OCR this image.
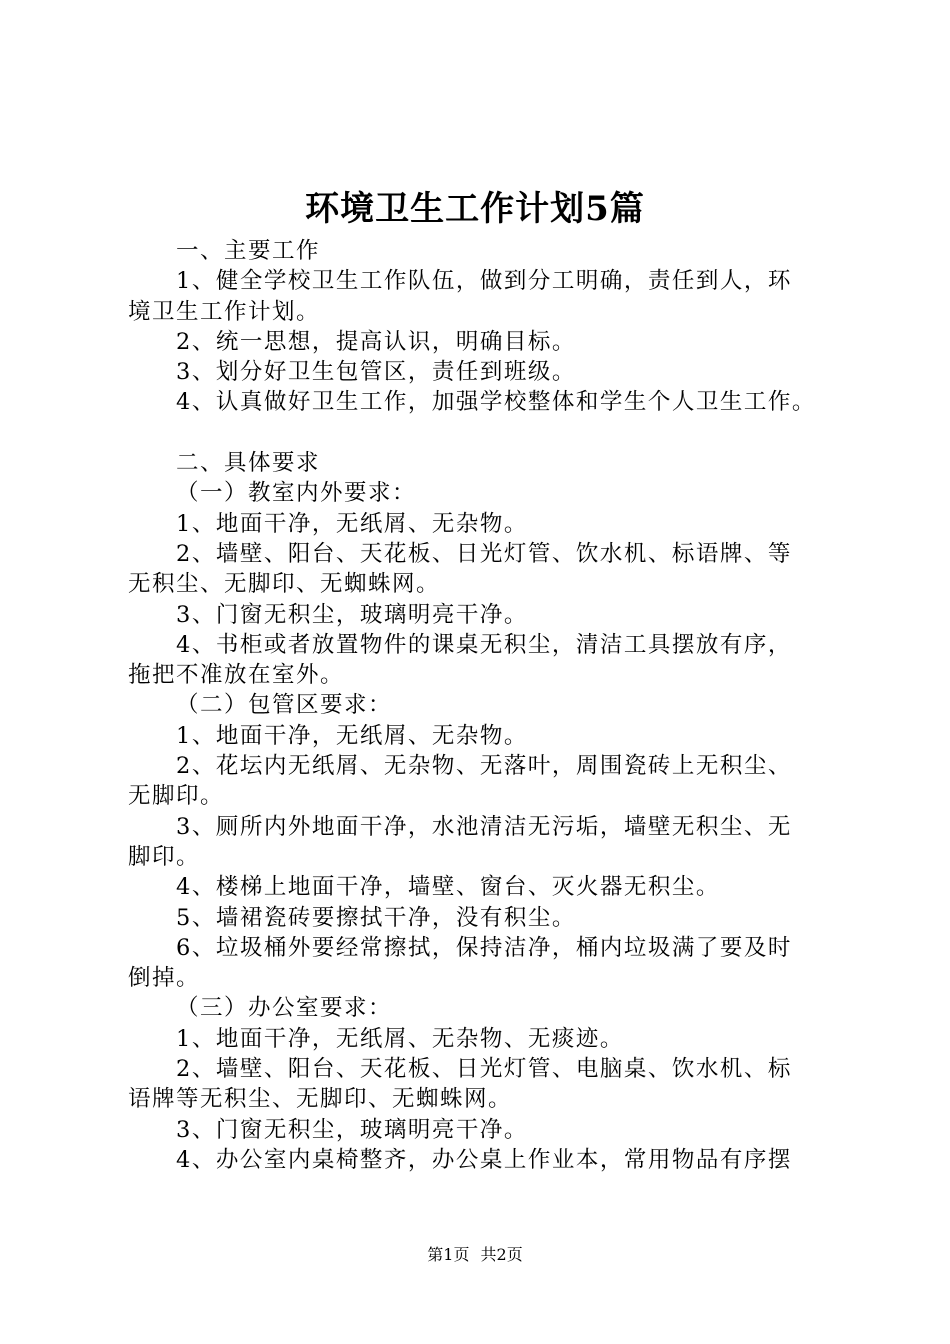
环境卫生工作计划5篇
一、主要工作
1、健全学校卫生工作队伍，做到分工明确，责任到人，环
境卫生工作计划。
2、统一思想，提高认识，明确目标。
3、划分好卫生包管区，责任到班级。
4、认真做好卫生工作，加强学校整体和学生个人卫生工作。
二、具体要求
（一）教室内外要求：
1、地面干净，无纸屑、无杂物。
2、墙壁、阳台、天花板、日光灯管、饮水机、标语牌、等
无积尘、无脚印、无蜘蛛网。
3、门窗无积尘，玻璃明亮干净。
4、书柜或者放置物件的课桌无积尘，清洁工具摆放有序，
拖把不准放在室外。
（二）包管区要求：
1、地面干净，无纸屑、无杂物。
2、花坛内无纸屑、无杂物、无落叶，周围瓷砖上无积尘、
无脚印。
3、厕所内外地面干净，水池清洁无污垢，墙壁无积尘、无
脚印。
4、楼梯上地面干净，墙壁、窗台、灭火器无积尘。
5、墙裙瓷砖要擦拭干净，没有积尘。
6、垃圾桶外要经常擦拭，保持洁净，桶内垃圾满了要及时
倒掉。
（三）办公室要求：
1、地面干净，无纸屑、无杂物、无痰迹。
2、墙壁、阳台、天花板、日光灯管、电脑桌、饮水机、标
语牌等无积尘、无脚印、无蜘蛛网。
3、门窗无积尘，玻璃明亮干净。
4、办公室内桌椅整齐，办公桌上作业本，常用物品有序摆
第1页 共2页
